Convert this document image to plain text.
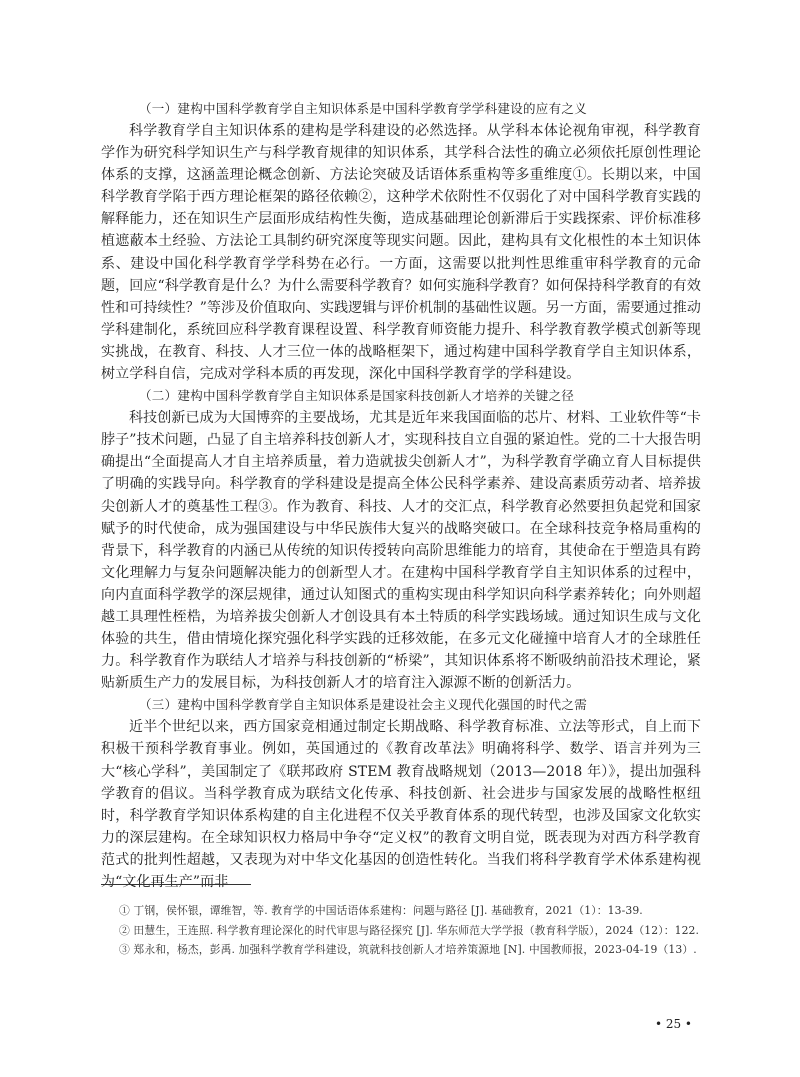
（一）建构中国科学教育学自主知识体系是中国科学教育学学科建设的应有之义

科学教育学自主知识体系的建构是学科建设的必然选择。从学科本体论视角审视，科学教育学作为研究科学知识生产与科学教育规律的知识体系，其学科合法性的确立必须依托原创性理论体系的支撑，这涵盖理论概念创新、方法论突破及话语体系重构等多重维度①。长期以来，中国科学教育学陷于西方理论框架的路径依赖②，这种学术依附性不仅弱化了对中国科学教育实践的解释能力，还在知识生产层面形成结构性失衡，造成基础理论创新滞后于实践探索、评价标准移植遮蔽本土经验、方法论工具制约研究深度等现实问题。因此，建构具有文化根性的本土知识体系、建设中国化科学教育学学科势在必行。一方面，这需要以批判性思维重审科学教育的元命题，回应“科学教育是什么？为什么需要科学教育？如何实施科学教育？如何保持科学教育的有效性和可持续性？”等涉及价值取向、实践逻辑与评价机制的基础性议题。另一方面，需要通过推动学科建制化，系统回应科学教育课程设置、科学教育师资能力提升、科学教育教学模式创新等现实挑战，在教育、科技、人才三位一体的战略框架下，通过构建中国科学教育学自主知识体系，树立学科自信，完成对学科本质的再发现，深化中国科学教育学的学科建设。

（二）建构中国科学教育学自主知识体系是国家科技创新人才培养的关键之径

科技创新已成为大国博弈的主要战场，尤其是近年来我国面临的芯片、材料、工业软件等“卡脖子”技术问题，凸显了自主培养科技创新人才，实现科技自立自强的紧迫性。党的二十大报告明确提出“全面提高人才自主培养质量，着力造就拔尖创新人才”，为科学教育学确立育人目标提供了明确的实践导向。科学教育的学科建设是提高全体公民科学素养、建设高素质劳动者、培养拔尖创新人才的奠基性工程③。作为教育、科技、人才的交汇点，科学教育必然要担负起党和国家赋予的时代使命，成为强国建设与中华民族伟大复兴的战略突破口。在全球科技竞争格局重构的背景下，科学教育的内涵已从传统的知识传授转向高阶思维能力的培育，其使命在于塑造具有跨文化理解力与复杂问题解决能力的创新型人才。在建构中国科学教育学自主知识体系的过程中，向内直面科学教学的深层规律，通过认知图式的重构实现由科学知识向科学素养转化；向外则超越工具理性桎梏，为培养拔尖创新人才创设具有本土特质的科学实践场域。通过知识生成与文化体验的共生，借由情境化探究强化科学实践的迁移效能，在多元文化碰撞中培育人才的全球胜任力。科学教育作为联结人才培养与科技创新的“桥梁”，其知识体系将不断吸纳前沿技术理论，紧贴新质生产力的发展目标，为科技创新人才的培育注入源源不断的创新活力。

（三）建构中国科学教育学自主知识体系是建设社会主义现代化强国的时代之需

近半个世纪以来，西方国家竞相通过制定长期战略、科学教育标准、立法等形式，自上而下积极干预科学教育事业。例如，英国通过的《教育改革法》明确将科学、数学、语言并列为三大“核心学科”，美国制定了《联邦政府 STEM 教育战略规划（2013—2018 年）》，提出加强科学教育的倡议。当科学教育成为联结文化传承、科技创新、社会进步与国家发展的战略性枢纽时，科学教育学知识体系构建的自主化进程不仅关乎教育体系的现代转型，也涉及国家文化软实力的深层建构。在全球知识权力格局中争夺“定义权”的教育文明自觉，既表现为对西方科学教育范式的批判性超越，又表现为对中华文化基因的创造性转化。当我们将科学教育学术体系建构视为“文化再生产”而非

① 丁钢，侯怀银，谭维智，等. 教育学的中国话语体系建构：问题与路径 [J]. 基础教育，2021（1）：13-39.

② 田慧生，王连照. 科学教育理论深化的时代审思与路径探究 [J]. 华东师范大学学报（教育科学版），2024（12）：122.

③ 郑永和，杨杰，彭禹. 加强科学教育学科建设，筑就科技创新人才培养策源地 [N]. 中国教师报，2023-04-19（13）.

• 25 •
